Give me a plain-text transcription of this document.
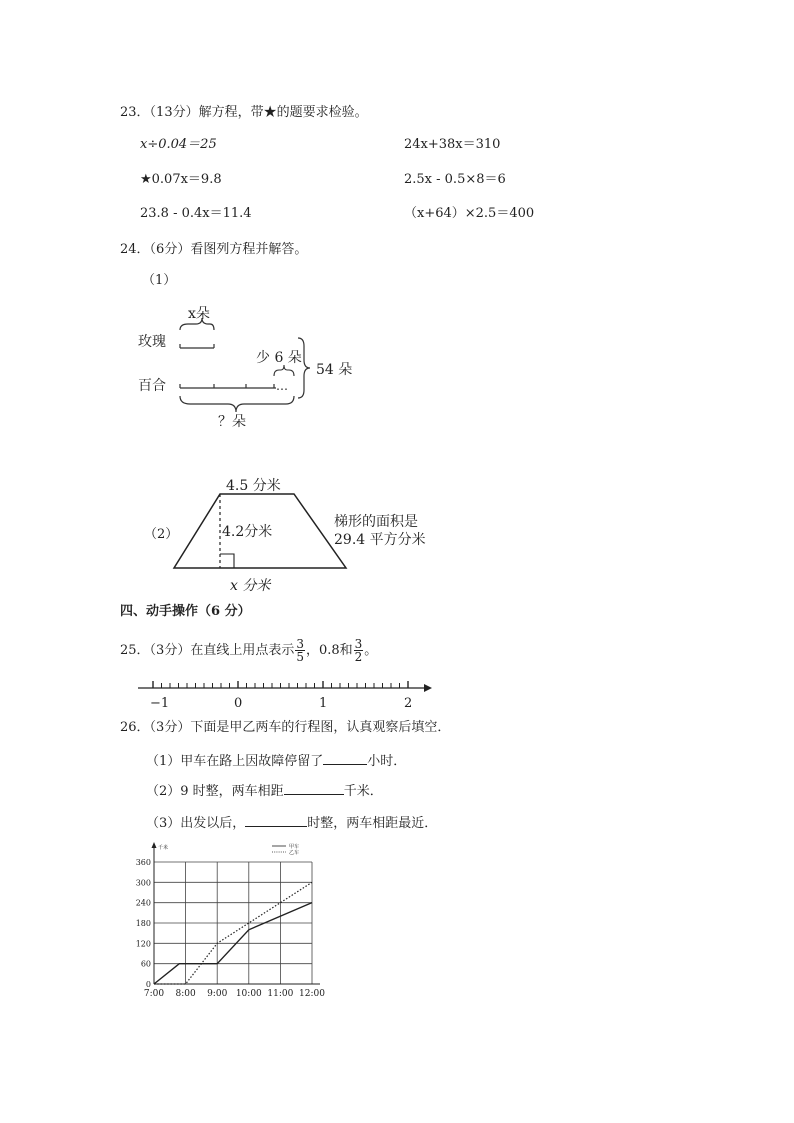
23．（13分）解方程，带★的题要求检验。
x÷0.04＝25	24x+38x＝310
★0.07x＝9.8	2.5x - 0.5×8＝6
23.8 - 0.4x＝11.4	（x+64）×2.5＝400
24．（6分）看图列方程并解答。
（1）
x朵
玫瑰
少 6 朵
百合	…
54 朵
？朵
（2）
4.5 分米
4.2分米
x 分米
梯形的面积是
29.4 平方分米
四、动手操作（6 分）
25．（3分）在直线上用点表示 $\frac{3}{5}$ ，0.8和 $\frac{3}{2}$ 。
−1	0	1	2
26．（3分）下面是甲乙两车的行程图，认真观察后填空．
（1）甲车在路上因故障停留了	小时．
（2）9 时整，两车相距	千米．
（3）出发以后，	时整，两车相距最近．
0
60
120
180
240
300
360
7:00 8:00 9:00 10:00 11:00 12:00
千米	甲车
乙车
